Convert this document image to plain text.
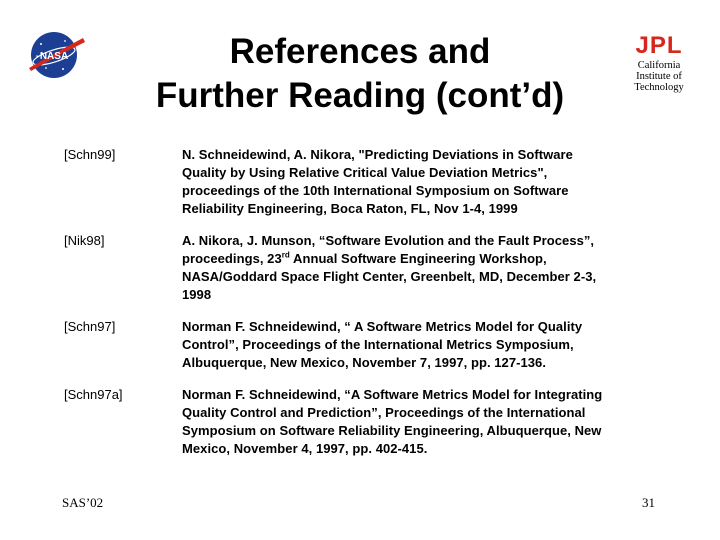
NASA	References and
Further Reading (cont’d)
JPL
California
Institute of
Technology
[Schn99]	N. Schneidewind, A. Nikora, "Predicting Deviations in Software
Quality by Using Relative Critical Value Deviation Metrics",
proceedings of the 10th International Symposium on Software
Reliability Engineering, Boca Raton, FL, Nov 1-4, 1999
[Nik98]	A. Nikora, J. Munson, “Software Evolution and the Fault Process”,
proceedings, 23rd Annual Software Engineering Workshop,
NASA/Goddard Space Flight Center, Greenbelt, MD, December 2-3,
1998
[Schn97]	Norman F. Schneidewind, “ A Software Metrics Model for Quality
Control”, Proceedings of the International Metrics Symposium,
Albuquerque, New Mexico, November 7, 1997, pp. 127-136.
[Schn97a]	Norman F. Schneidewind, “A Software Metrics Model for Integrating
Quality Control and Prediction”, Proceedings of the International
Symposium on Software Reliability Engineering, Albuquerque, New
Mexico, November 4, 1997, pp. 402-415.
SAS’02	31
